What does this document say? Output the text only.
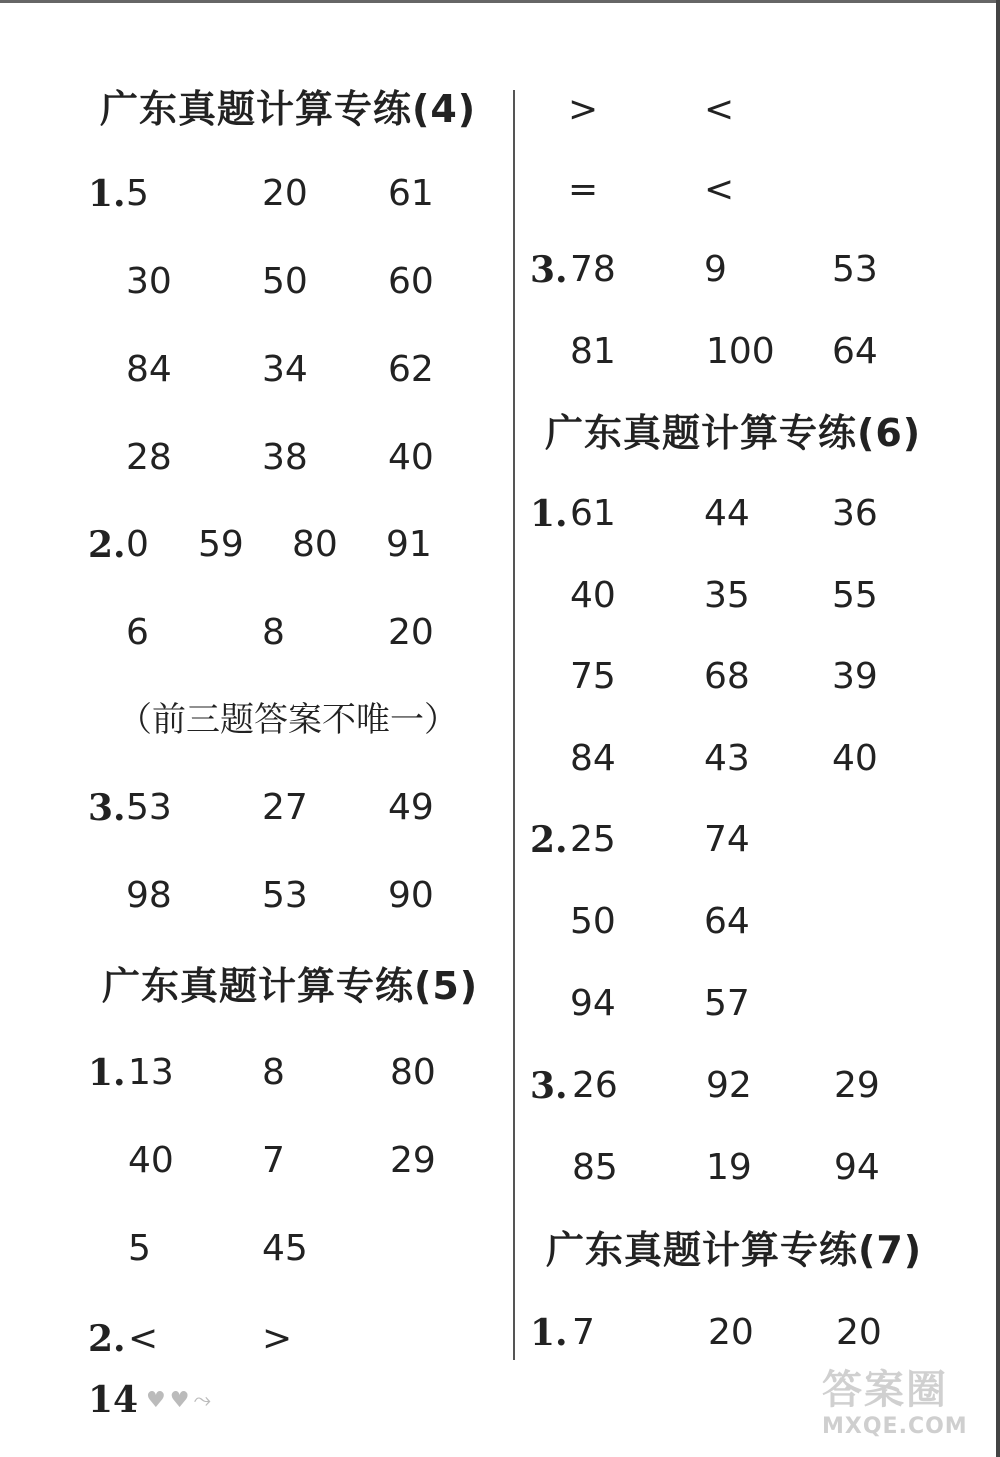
广东真题计算专练(4)
1. 5	20 61
30	50 60
84	34 62
28	38 40
2. 0 59 80 91
6	8	20
（前三题答案不唯一）
3. 53	27 49
98	53 90
广东真题计算专练(5)
1. 13 8	80
40 7	29
5	45
2. <	>
>	<
=	<
3. 78 9	53
81	100 64
广东真题计算专练(6)
1. 61 44 36
40 35 55
75 68 39
84 43 40
2. 25 74
50 64
94 57
3. 26 92 29
85 19 94
广东真题计算专练(7)
1. 7	20 20
14 ♥♥⤳	答案圈
MXQE.COM
